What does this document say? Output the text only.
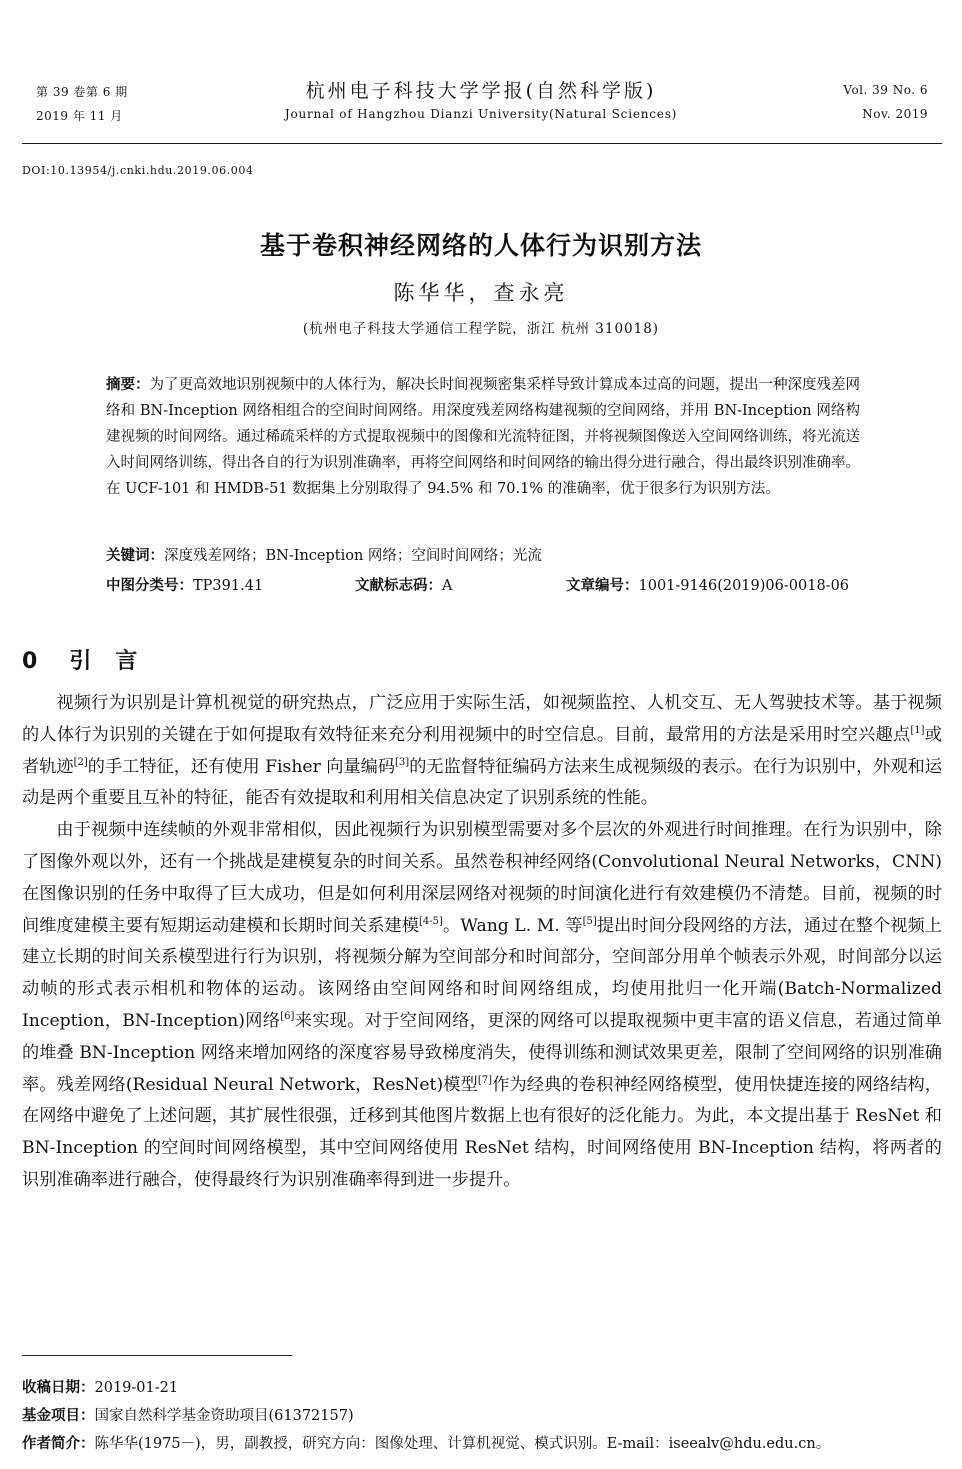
第 39 卷第 6 期
2019 年 11 月
杭州电子科技大学学报(自然科学版)
Journal of Hangzhou Dianzi University(Natural Sciences)
Vol. 39 No. 6
Nov. 2019
DOI:10.13954/j.cnki.hdu.2019.06.004
基于卷积神经网络的人体行为识别方法
陈华华，查永亮
(杭州电子科技大学通信工程学院，浙江 杭州 310018)
摘要：为了更高效地识别视频中的人体行为，解决长时间视频密集采样导致计算成本过高的问题，提出一种深度残差网络和 BN-Inception 网络相组合的空间时间网络。用深度残差网络构建视频的空间网络，并用 BN-Inception 网络构建视频的时间网络。通过稀疏采样的方式提取视频中的图像和光流特征图，并将视频图像送入空间网络训练，将光流送入时间网络训练，得出各自的行为识别准确率，再将空间网络和时间网络的输出得分进行融合，得出最终识别准确率。在 UCF-101 和 HMDB-51 数据集上分别取得了 94.5% 和 70.1% 的准确率，优于很多行为识别方法。
关键词：深度残差网络；BN-Inception 网络；空间时间网络；光流
中图分类号：TP391.41	文献标志码：A	文章编号：1001-9146(2019)06-0018-06
0 引言

视频行为识别是计算机视觉的研究热点，广泛应用于实际生活，如视频监控、人机交互、无人驾驶技术等。基于视频的人体行为识别的关键在于如何提取有效特征来充分利用视频中的时空信息。目前，最常用的方法是采用时空兴趣点[1]或者轨迹[2]的手工特征，还有使用 Fisher 向量编码[3]的无监督特征编码方法来生成视频级的表示。在行为识别中，外观和运动是两个重要且互补的特征，能否有效提取和利用相关信息决定了识别系统的性能。

由于视频中连续帧的外观非常相似，因此视频行为识别模型需要对多个层次的外观进行时间推理。在行为识别中，除了图像外观以外，还有一个挑战是建模复杂的时间关系。虽然卷积神经网络(Convolutional Neural Networks，CNN)在图像识别的任务中取得了巨大成功，但是如何利用深层网络对视频的时间演化进行有效建模仍不清楚。目前，视频的时间维度建模主要有短期运动建模和长期时间关系建模[4-5]。Wang L. M. 等[5]提出时间分段网络的方法，通过在整个视频上建立长期的时间关系模型进行行为识别，将视频分解为空间部分和时间部分，空间部分用单个帧表示外观，时间部分以运动帧的形式表示相机和物体的运动。该网络由空间网络和时间网络组成，均使用批归一化开端(Batch-Normalized Inception，BN-Inception)网络[6]来实现。对于空间网络，更深的网络可以提取视频中更丰富的语义信息，若通过简单的堆叠 BN-Inception 网络来增加网络的深度容易导致梯度消失，使得训练和测试效果更差，限制了空间网络的识别准确率。残差网络(Residual Neural Network，ResNet)模型[7]作为经典的卷积神经网络模型，使用快捷连接的网络结构，在网络中避免了上述问题，其扩展性很强，迁移到其他图片数据上也有很好的泛化能力。为此，本文提出基于 ResNet 和 BN-Inception 的空间时间网络模型，其中空间网络使用 ResNet 结构，时间网络使用 BN-Inception 结构，将两者的识别准确率进行融合，使得最终行为识别准确率得到进一步提升。

收稿日期：2019-01-21
基金项目：国家自然科学基金资助项目(61372157)
作者简介：陈华华(1975－)，男，副教授，研究方向：图像处理、计算机视觉、模式识别。E-mail：iseealv@hdu.edu.cn。
